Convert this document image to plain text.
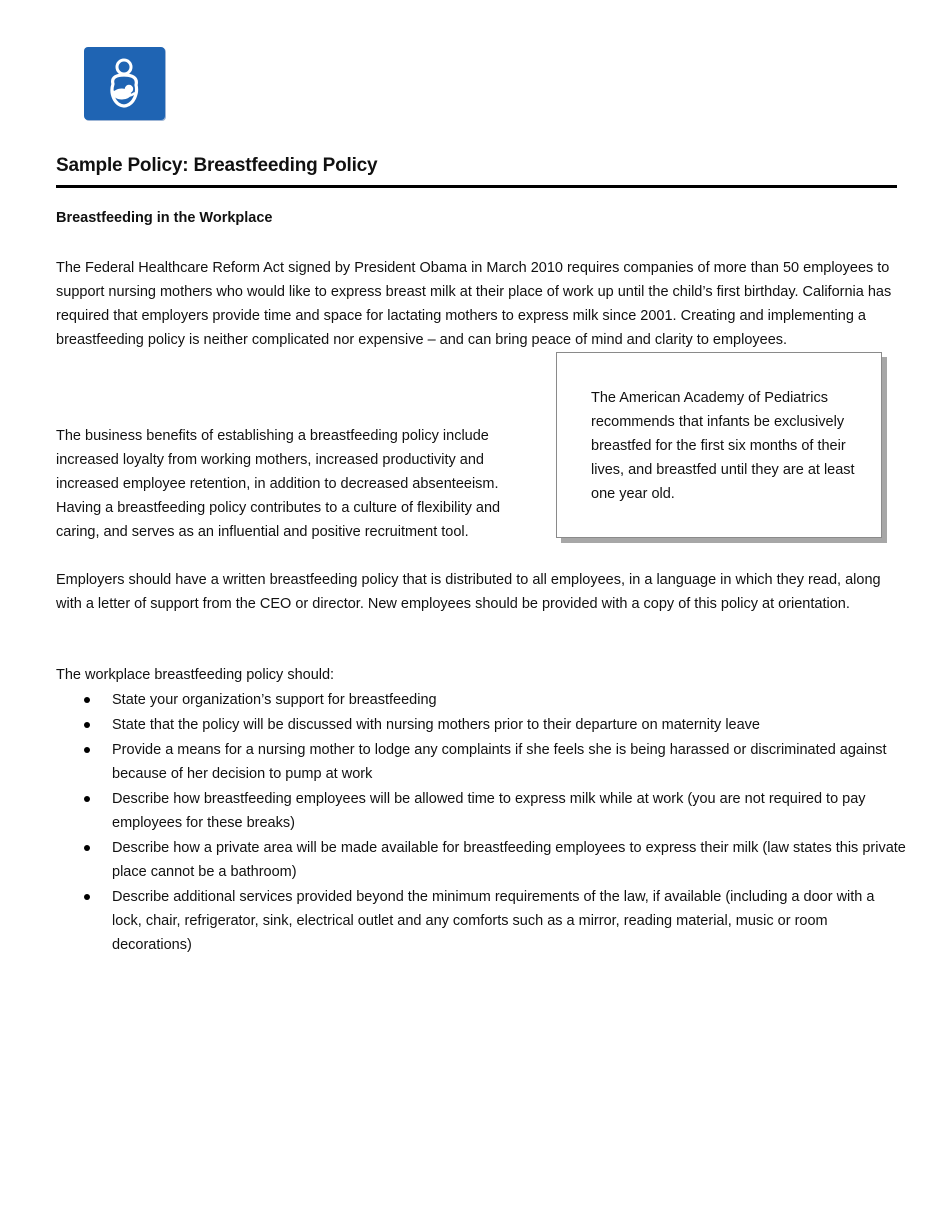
Sample Policy: Breastfeeding Policy
Breastfeeding in the Workplace

The Federal Healthcare Reform Act signed by President Obama in March 2010 requires companies of more than 50 employees to support nursing mothers who would like to express breast milk at their place of work up until the child’s first birthday. California has required that employers provide time and space for lactating mothers to express milk since 2001. Creating and implementing a breastfeeding policy is neither complicated nor expensive – and can bring peace of mind and clarity to employees.

The business benefits of establishing a breastfeeding policy include increased loyalty from working mothers, increased productivity and increased employee retention, in addition to decreased absenteeism. Having a breastfeeding policy contributes to a culture of flexibility and caring, and serves as an influential and positive recruitment tool.

The American Academy of Pediatrics recommends that infants be exclusively breastfed for the first six months of their lives, and breastfed until they are at least one year old.

Employers should have a written breastfeeding policy that is distributed to all employees, in a language in which they read, along with a letter of support from the CEO or director. New employees should be provided with a copy of this policy at orientation.

The workplace breastfeeding policy should:

State your organization’s support for breastfeeding
State that the policy will be discussed with nursing mothers prior to their departure on maternity leave
Provide a means for a nursing mother to lodge any complaints if she feels she is being harassed or discriminated against because of her decision to pump at work
Describe how breastfeeding employees will be allowed time to express milk while at work (you are not required to pay employees for these breaks)
Describe how a private area will be made available for breastfeeding employees to express their milk (law states this private place cannot be a bathroom)
Describe additional services provided beyond the minimum requirements of the law, if available (including a door with a lock, chair, refrigerator, sink, electrical outlet and any comforts such as a mirror, reading material, music or room decorations)
